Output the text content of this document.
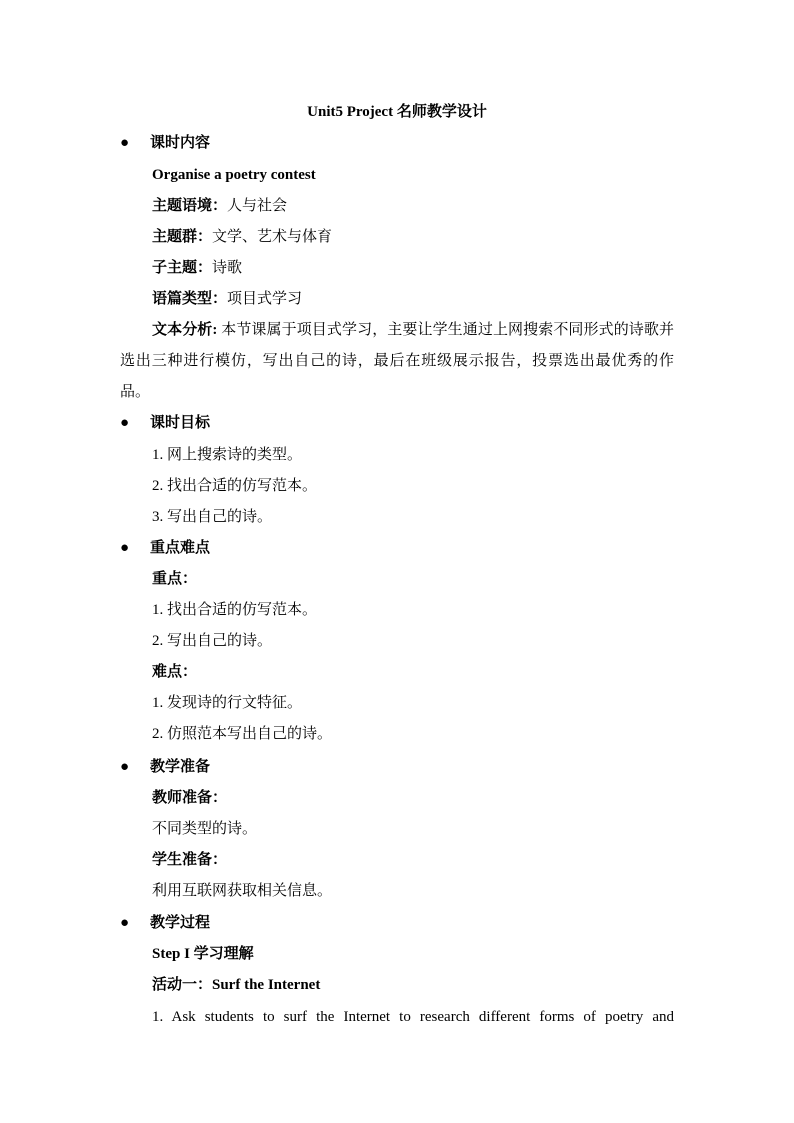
Unit5 Project 名师教学设计
● 课时内容
Organise a poetry contest
主题语境：人与社会
主题群：文学、艺术与体育
子主题：诗歌
语篇类型：项目式学习
文本分析: 本节课属于项目式学习，主要让学生通过上网搜索不同形式的诗歌并选出三种进行模仿，写出自己的诗，最后在班级展示报告，投票选出最优秀的作品。
● 课时目标
1. 网上搜索诗的类型。
2. 找出合适的仿写范本。
3. 写出自己的诗。
● 重点难点
重点：
1. 找出合适的仿写范本。
2. 写出自己的诗。
难点：
1. 发现诗的行文特征。
2. 仿照范本写出自己的诗。
● 教学准备
教师准备：
不同类型的诗。
学生准备：
利用互联网获取相关信息。
● 教学过程
Step I 学习理解
活动一：Surf the Internet
1. Ask students to surf the Internet to research different forms of poetry and
